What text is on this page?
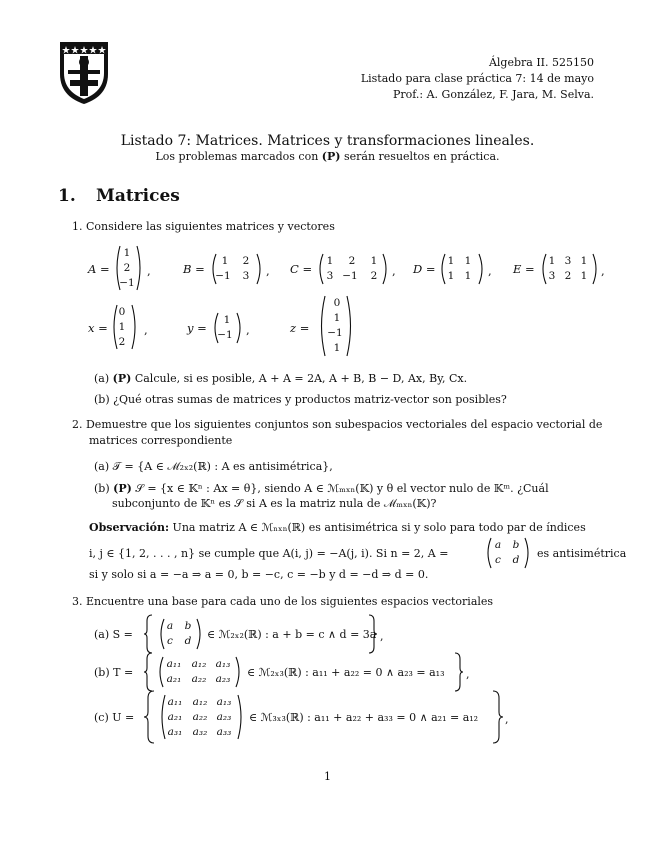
Álgebra II. 525150
Listado para clase práctica 7: 14 de mayo
Prof.: A. González, F. Jara, M. Selva.
Listado 7: Matrices. Matrices y transformaciones lineales.
Los problemas marcados con (P) serán resueltos en práctica.
1. Matrices
1. Considere las siguientes matrices y vectores
A =	B =	C =	D =	E =
1
2
−1
,
1	2
−1	3	,
1	2	1
3 −1	2	,
1 1
1 1	,
1 3 1
3 2 1	,
x =	y =	z =
0
1
2
,
1
−1 ,
0
1
−1
1
(a) (P) Calcule, si es posible, A + A = 2A, A + B, B − D, Ax, By, Cx.
(b) ¿Qué otras sumas de matrices y productos matriz-vector son posibles?
2. Demuestre que los siguientes conjuntos son subespacios vectoriales del espacio vectorial de
matrices correspondiente
(a) 𝒯 = {A ∈ ℳ₂ₓ₂(ℝ) : A es antisimétrica},
(b) (P) 𝒮 = {x ∈ 𝕂ⁿ : Ax = θ}, siendo A ∈ ℳₘₓₙ(𝕂) y θ el vector nulo de 𝕂ᵐ. ¿Cuál
subconjunto de 𝕂ⁿ es 𝒮 si A es la matriz nula de ℳₘₓₙ(𝕂)?
Observación: Una matriz A ∈ ℳₙₓₙ(ℝ) es antisimétrica si y solo para todo par de índices
i, j ∈ {1, 2, . . . , n} se cumple que A(i, j) = −A(j, i). Si n = 2, A =
a	b
c	d	es antisimétrica
si y solo si a = −a ⇒ a = 0, b = −c, c = −b y d = −d ⇒ d = 0.
3. Encuentre una base para cada uno de los siguientes espacios vectoriales
(a) S =
a	b
c	d	∈ ℳ₂ₓ₂(ℝ) : a + b = c ∧ d = 3a ,
(b) T =
a₁₁ a₁₂ a₁₃
a₂₁ a₂₂ a₂₃	∈ ℳ₂ₓ₃(ℝ) : a₁₁ + a₂₂ = 0 ∧ a₂₃ = a₁₃ ,
(c) U =
a₁₁ a₁₂ a₁₃
a₂₁ a₂₂ a₂₃
a₃₁ a₃₂ a₃₃
∈ ℳ₃ₓ₃(ℝ) : a₁₁ + a₂₂ + a₃₃ = 0 ∧ a₂₁ = a₁₂ ,
1
